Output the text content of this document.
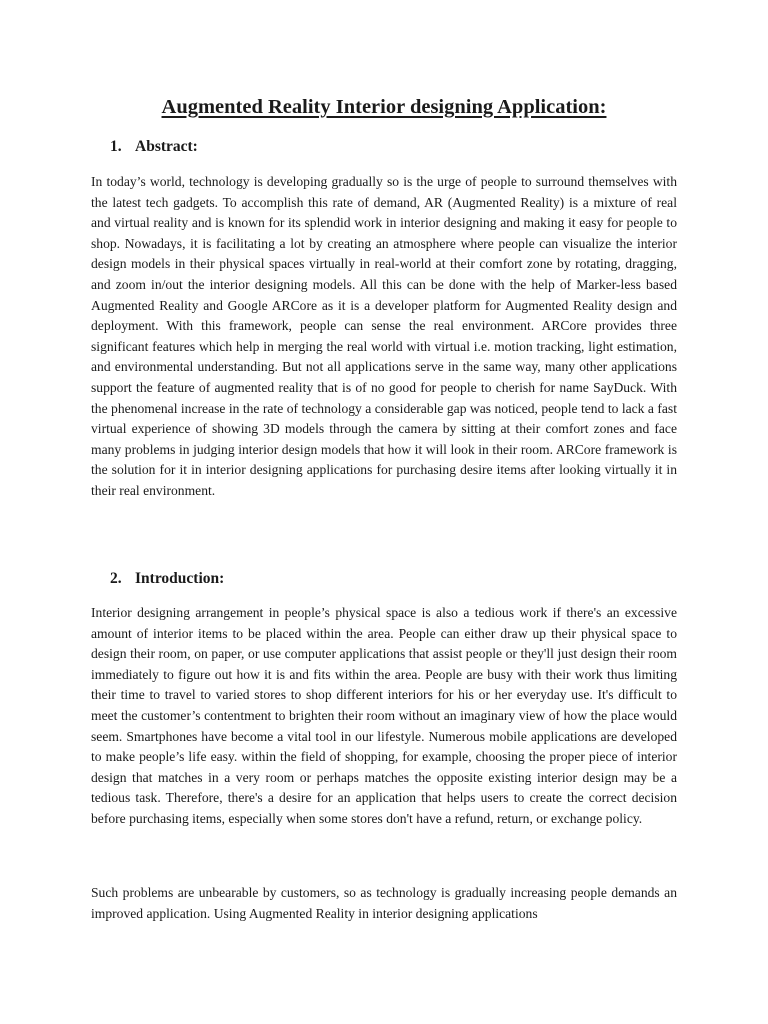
Augmented Reality Interior designing Application:
1. Abstract:

In today’s world, technology is developing gradually so is the urge of people to surround themselves with the latest tech gadgets. To accomplish this rate of demand, AR (Augmented Reality) is a mixture of real and virtual reality and is known for its splendid work in interior designing and making it easy for people to shop. Nowadays, it is facilitating a lot by creating an atmosphere where people can visualize the interior design models in their physical spaces virtually in real-world at their comfort zone by rotating, dragging, and zoom in/out the interior designing models. All this can be done with the help of Marker-less based Augmented Reality and Google ARCore as it is a developer platform for Augmented Reality design and deployment. With this framework, people can sense the real environment. ARCore provides three significant features which help in merging the real world with virtual i.e. motion tracking, light estimation, and environmental understanding. But not all applications serve in the same way, many other applications support the feature of augmented reality that is of no good for people to cherish for name SayDuck. With the phenomenal increase in the rate of technology a considerable gap was noticed, people tend to lack a fast virtual experience of showing 3D models through the camera by sitting at their comfort zones and face many problems in judging interior design models that how it will look in their room. ARCore framework is the solution for it in interior designing applications for purchasing desire items after looking virtually it in their real environment.

2. Introduction:

Interior designing arrangement in people’s physical space is also a tedious work if there's an excessive amount of interior items to be placed within the area. People can either draw up their physical space to design their room, on paper, or use computer applications that assist people or they'll just design their room immediately to figure out how it is and fits within the area. People are busy with their work thus limiting their time to travel to varied stores to shop different interiors for his or her everyday use. It's difficult to meet the customer’s contentment to brighten their room without an imaginary view of how the place would seem. Smartphones have become a vital tool in our lifestyle. Numerous mobile applications are developed to make people’s life easy. within the field of shopping, for example, choosing the proper piece of interior design that matches in a very room or perhaps matches the opposite existing interior design may be a tedious task. Therefore, there's a desire for an application that helps users to create the correct decision before purchasing items, especially when some stores don't have a refund, return, or exchange policy.

Such problems are unbearable by customers, so as technology is gradually increasing people demands an improved application. Using Augmented Reality in interior designing applications
